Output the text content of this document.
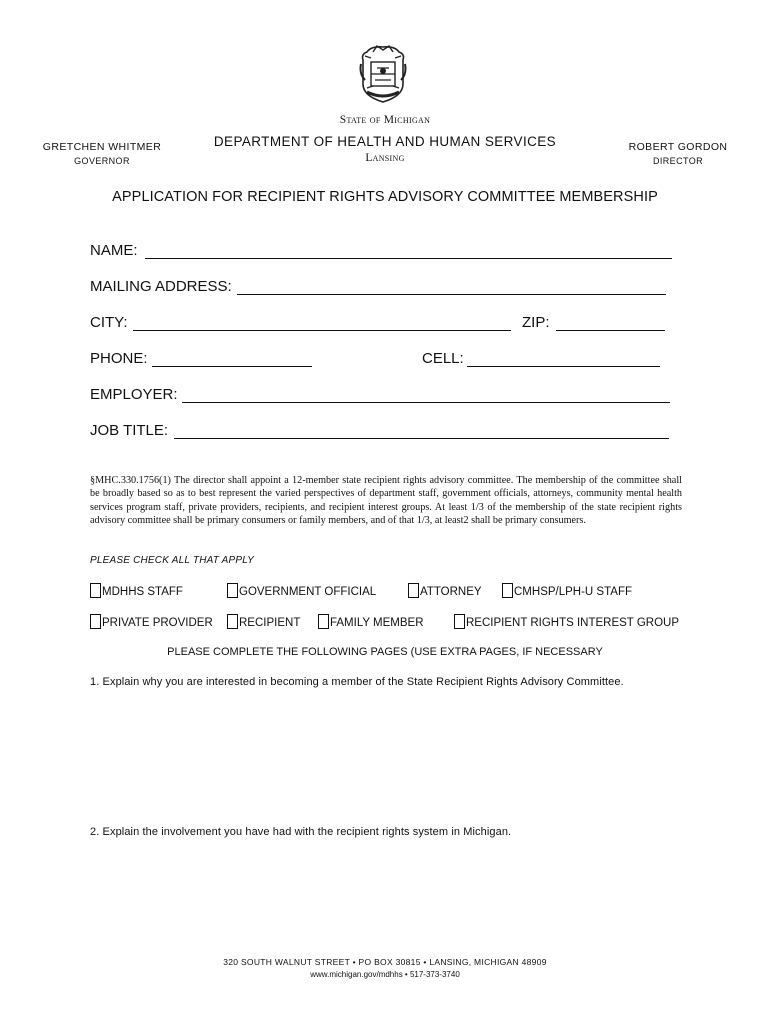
State of Michigan
DEPARTMENT OF HEALTH AND HUMAN SERVICES
Lansing
GRETCHEN WHITMER
GOVERNOR
ROBERT GORDON
DIRECTOR
APPLICATION FOR RECIPIENT RIGHTS ADVISORY COMMITTEE MEMBERSHIP
NAME:
MAILING ADDRESS:
CITY:	ZIP:
PHONE:	CELL:
EMPLOYER:
JOB TITLE:
§MHC.330.1756(1) The director shall appoint a 12-member state recipient rights advisory committee. The membership of the committee shall be broadly based so as to best represent the varied perspectives of department staff, government officials, attorneys, community mental health services program staff, private providers, recipients, and recipient interest groups. At least 1/3 of the membership of the state recipient rights advisory committee shall be primary consumers or family members, and of that 1/3, at least2 shall be primary consumers.
PLEASE CHECK ALL THAT APPLY
MDHHS STAFF	GOVERNMENT OFFICIAL	ATTORNEY	CMHSP/LPH-U STAFF
PRIVATE PROVIDER RECIPIENT	FAMILY MEMBER	RECIPIENT RIGHTS INTEREST GROUP
PLEASE COMPLETE THE FOLLOWING PAGES (USE EXTRA PAGES, IF NECESSARY
1. Explain why you are interested in becoming a member of the State Recipient Rights Advisory Committee.
2. Explain the involvement you have had with the recipient rights system in Michigan.
320 SOUTH WALNUT STREET • PO BOX 30815 • LANSING, MICHIGAN 48909
www.michigan.gov/mdhhs • 517-373-3740
